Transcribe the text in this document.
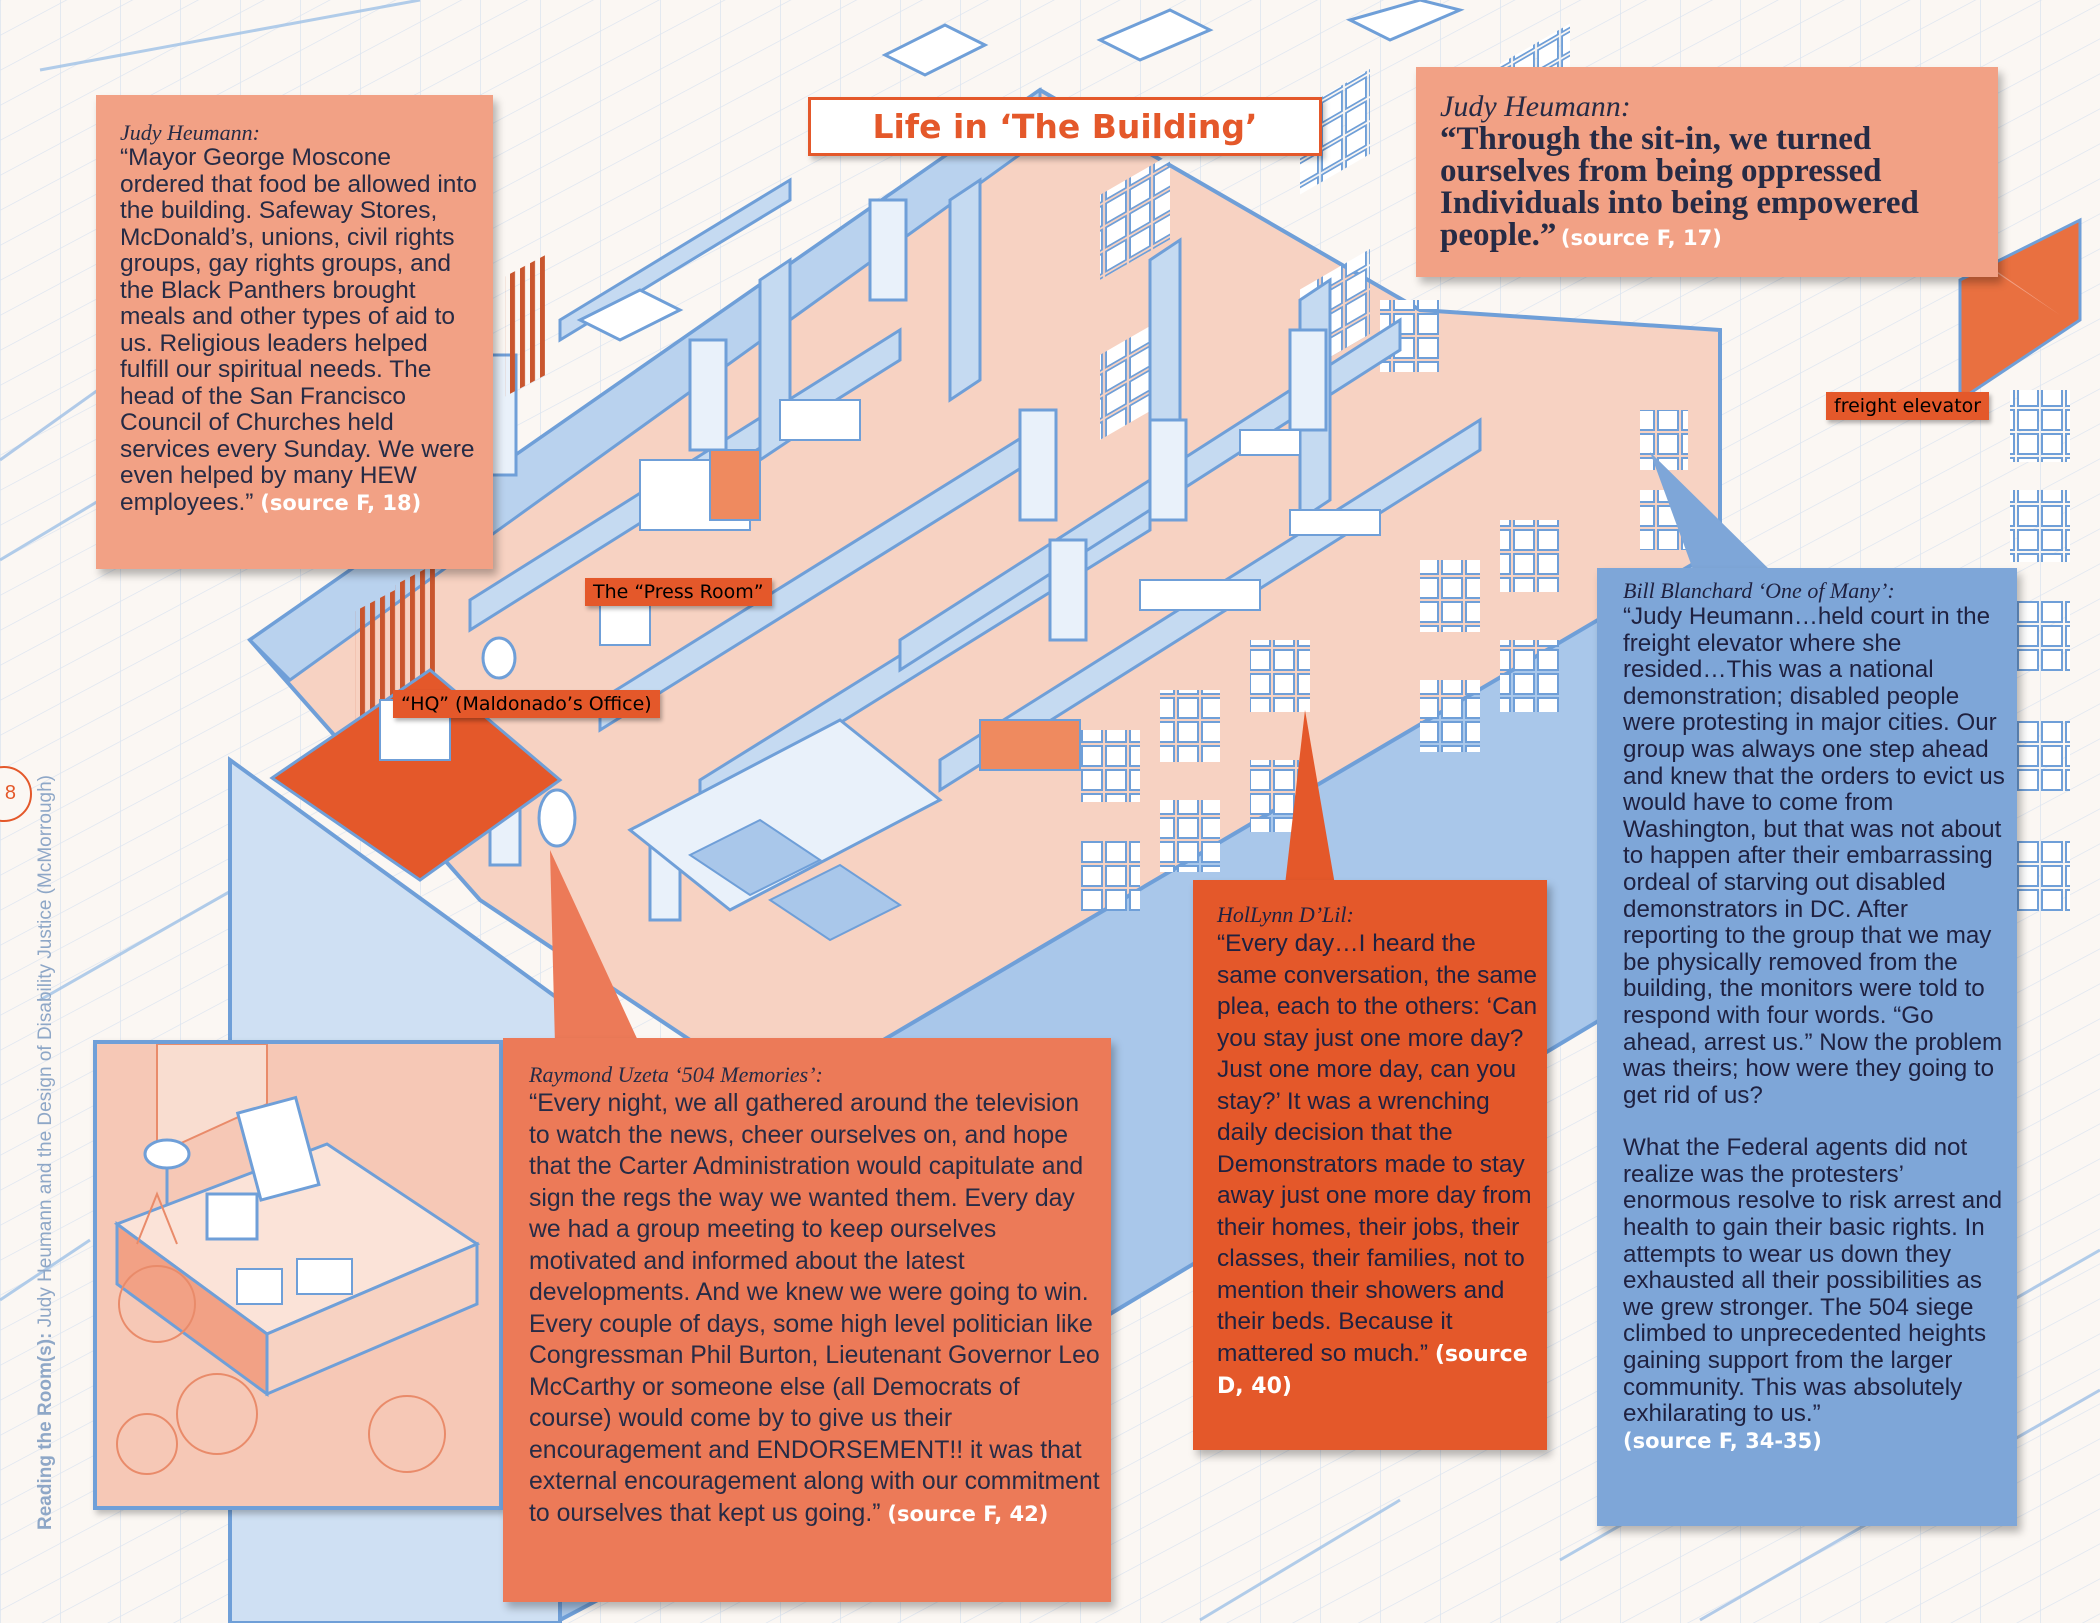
Life in ‘The Building’
Judy Heumann:
“Mayor George Moscone ordered that food be allowed into the building. Safeway Stores, McDonald’s, unions, civil rights groups, gay rights groups, and the Black Panthers brought meals and other types of aid to us. Religious leaders helped fulfill our spiritual needs. The head of the San Francisco Council of Churches held services every Sunday. We were even helped by many HEW employees.” (source F, 18)
Judy Heumann:
“Through the sit-in, we turned ourselves from being oppressed Individuals into being empowered people.” (source F, 17)
The “Press Room”
“HQ” (Maldonado’s Office)
freight elevator
Raymond Uzeta ‘504 Memories’:
“Every night, we all gathered around the television to watch the news, cheer ourselves on, and hope that the Carter Administration would capitulate and sign the regs the way we wanted them. Every day we had a group meeting to keep ourselves motivated and informed about the latest developments. And we knew we were going to win. Every couple of days, some high level politician like Congressman Phil Burton, Lieutenant Governor Leo McCarthy or someone else (all Democrats of course) would come by to give us their encouragement and ENDORSEMENT!! it was that external encouragement along with our commitment to ourselves that kept us going.” (source F, 42)
HolLynn D’Lil:
“Every day…I heard the same conversation, the same plea, each to the others: ‘Can you stay just one more day? Just one more day, can you stay?’ It was a wrenching daily decision that the Demonstrators made to stay away just one more day from their homes, their jobs, their classes, their families, not to mention their showers and their beds. Because it mattered so much.” (source D, 40)
Bill Blanchard ‘One of Many’:
“Judy Heumann…held court in the freight elevator where she resided…This was a national demonstration; disabled people were protesting in major cities. Our group was always one step ahead and knew that the orders to evict us would have to come from Washington, but that was not about to happen after their embarrassing ordeal of starving out disabled demonstrators in DC. After reporting to the group that we may be physically removed from the building, the monitors were told to respond with four words. “Go ahead, arrest us.” Now the problem was theirs; how were they going to get rid of us?
What the Federal agents did not realize was the protesters’ enormous resolve to risk arrest and health to gain their basic rights. In attempts to wear us down they exhausted all their possibilities as we grew stronger. The 504 siege climbed to unprecedented heights gaining support from the larger community. This was absolutely exhilarating to us.”
(source F, 34-35)
8
Reading the Room(s): Judy Heumann and the Design of Disability Justice (McMorrough)
